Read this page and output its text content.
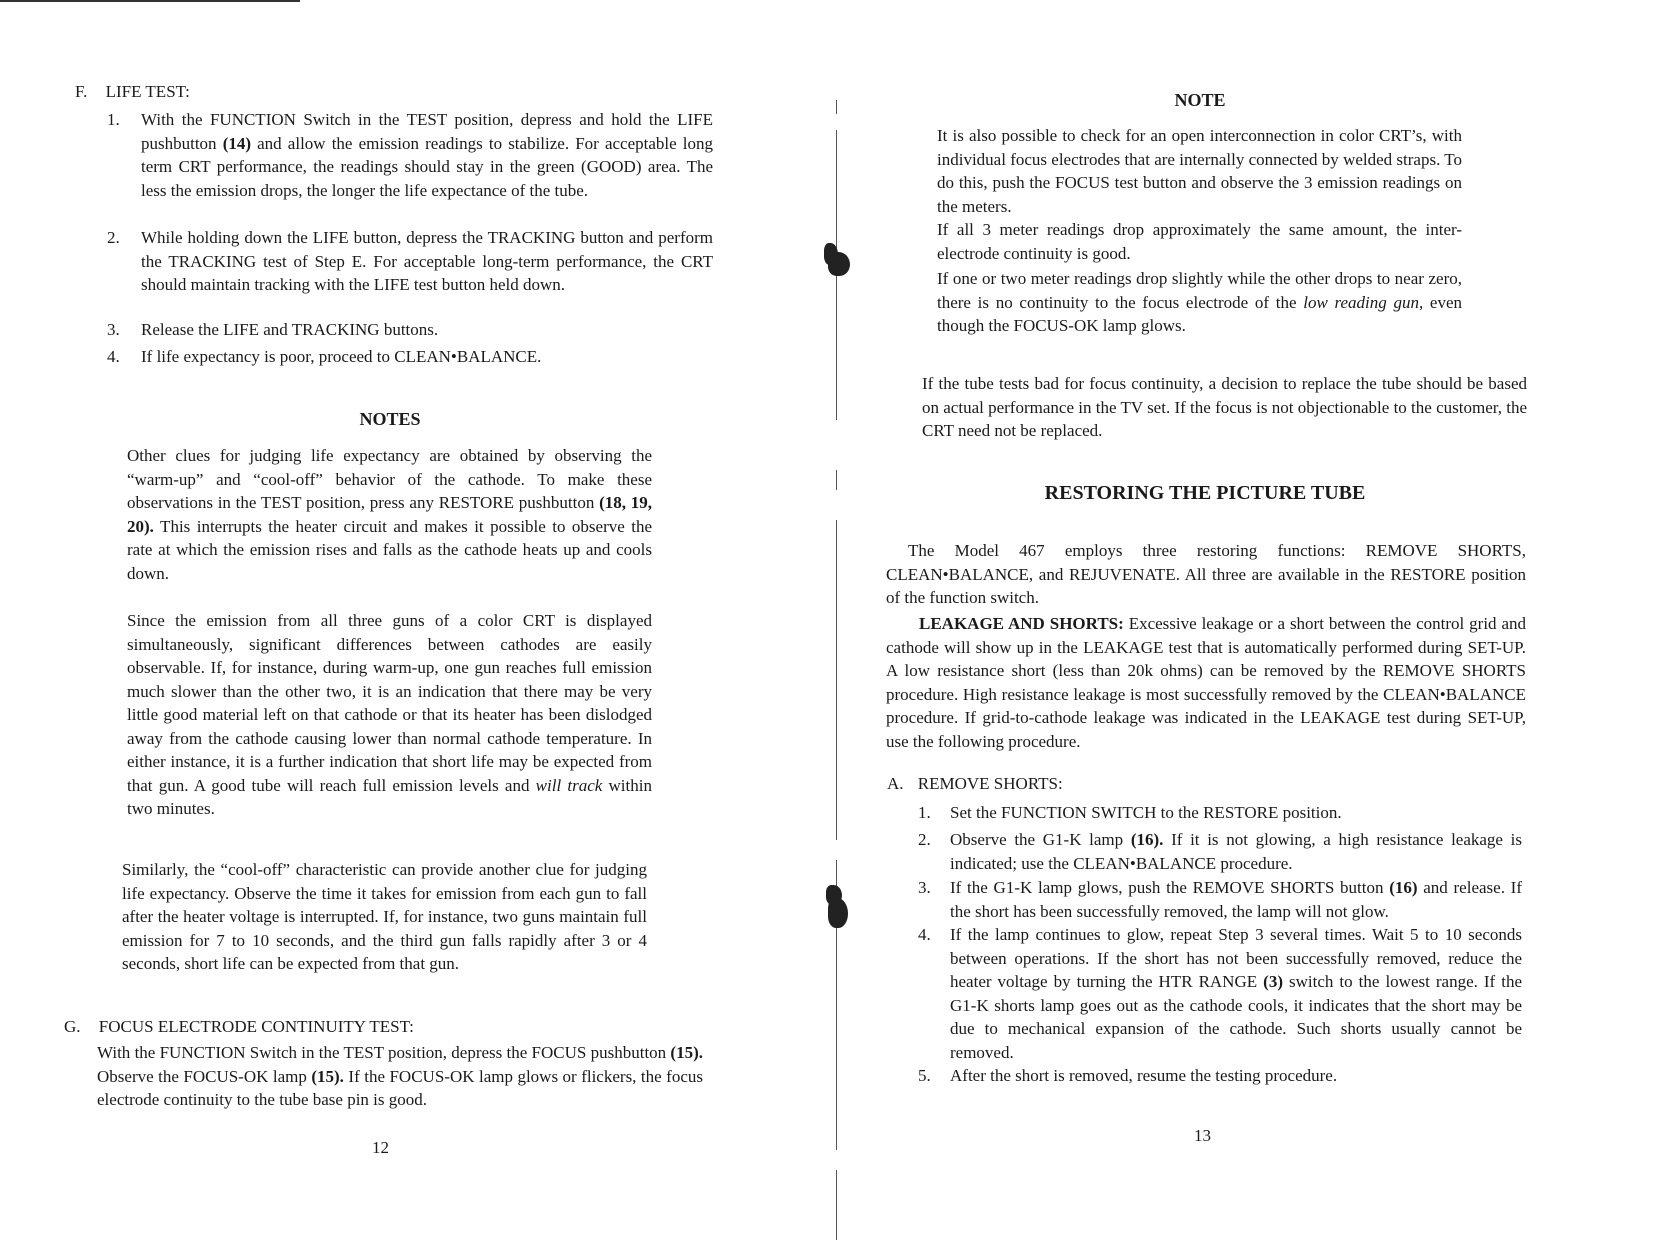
F. LIFE TEST:
1.	With the FUNCTION Switch in the TEST position, depress and hold the LIFE pushbutton (14) and allow the emission readings to stabilize. For acceptable long term CRT performance, the readings should stay in the green (GOOD) area. The less the emission drops, the longer the life expectance of the tube.
2.	While holding down the LIFE button, depress the TRACKING button and perform the TRACKING test of Step E. For acceptable long-term performance, the CRT should maintain tracking with the LIFE test button held down.
3.	Release the LIFE and TRACKING buttons.
4.	If life expectancy is poor, proceed to CLEAN•BALANCE.
NOTES

Other clues for judging life expectancy are obtained by observing the “warm-up” and “cool-off” behavior of the cathode. To make these observations in the TEST position, press any RESTORE pushbutton (18, 19, 20). This interrupts the heater circuit and makes it possible to observe the rate at which the emission rises and falls as the cathode heats up and cools down.

Since the emission from all three guns of a color CRT is displayed simultaneously, significant differences between cathodes are easily observable. If, for instance, during warm-up, one gun reaches full emission much slower than the other two, it is an indication that there may be very little good material left on that cathode or that its heater has been dislodged away from the cathode causing lower than normal cathode temperature. In either instance, it is a further indication that short life may be expected from that gun. A good tube will reach full emission levels and will track within two minutes.

Similarly, the “cool-off” characteristic can provide another clue for judging life expectancy. Observe the time it takes for emission from each gun to fall after the heater voltage is interrupted. If, for instance, two guns maintain full emission for 7 to 10 seconds, and the third gun falls rapidly after 3 or 4 seconds, short life can be expected from that gun.

G. FOCUS ELECTRODE CONTINUITY TEST:

With the FUNCTION Switch in the TEST position, depress the FOCUS pushbutton (15). Observe the FOCUS-OK lamp (15). If the FOCUS-OK lamp glows or flickers, the focus electrode continuity to the tube base pin is good.

12
NOTE

It is also possible to check for an open interconnection in color CRT’s, with individual focus electrodes that are internally connected by welded straps. To do this, push the FOCUS test button and observe the 3 emission readings on the meters.

If all 3 meter readings drop approximately the same amount, the inter-electrode continuity is good.

If one or two meter readings drop slightly while the other drops to near zero, there is no continuity to the focus electrode of the low reading gun, even though the FOCUS-OK lamp glows.

If the tube tests bad for focus continuity, a decision to replace the tube should be based on actual performance in the TV set. If the focus is not objectionable to the customer, the CRT need not be replaced.

RESTORING THE PICTURE TUBE

The Model 467 employs three restoring functions: REMOVE SHORTS, CLEAN•BALANCE, and REJUVENATE. All three are available in the RESTORE position of the function switch.

LEAKAGE AND SHORTS: Excessive leakage or a short between the control grid and cathode will show up in the LEAKAGE test that is automatically performed during SET-UP. A low resistance short (less than 20k ohms) can be removed by the REMOVE SHORTS procedure. High resistance leakage is most successfully removed by the CLEAN•BALANCE procedure. If grid-to-cathode leakage was indicated in the LEAKAGE test during SET-UP, use the following procedure.

A. REMOVE SHORTS:
1.	Set the FUNCTION SWITCH to the RESTORE position.
2.	Observe the G1-K lamp (16). If it is not glowing, a high resistance leakage is indicated; use the CLEAN•BALANCE procedure.
3.	If the G1-K lamp glows, push the REMOVE SHORTS button (16) and release. If the short has been successfully removed, the lamp will not glow.
4.	If the lamp continues to glow, repeat Step 3 several times. Wait 5 to 10 seconds between operations. If the short has not been successfully removed, reduce the heater voltage by turning the HTR RANGE (3) switch to the lowest range. If the G1-K shorts lamp goes out as the cathode cools, it indicates that the short may be due to mechanical expansion of the cathode. Such shorts usually cannot be removed.
5.	After the short is removed, resume the testing procedure.
13
